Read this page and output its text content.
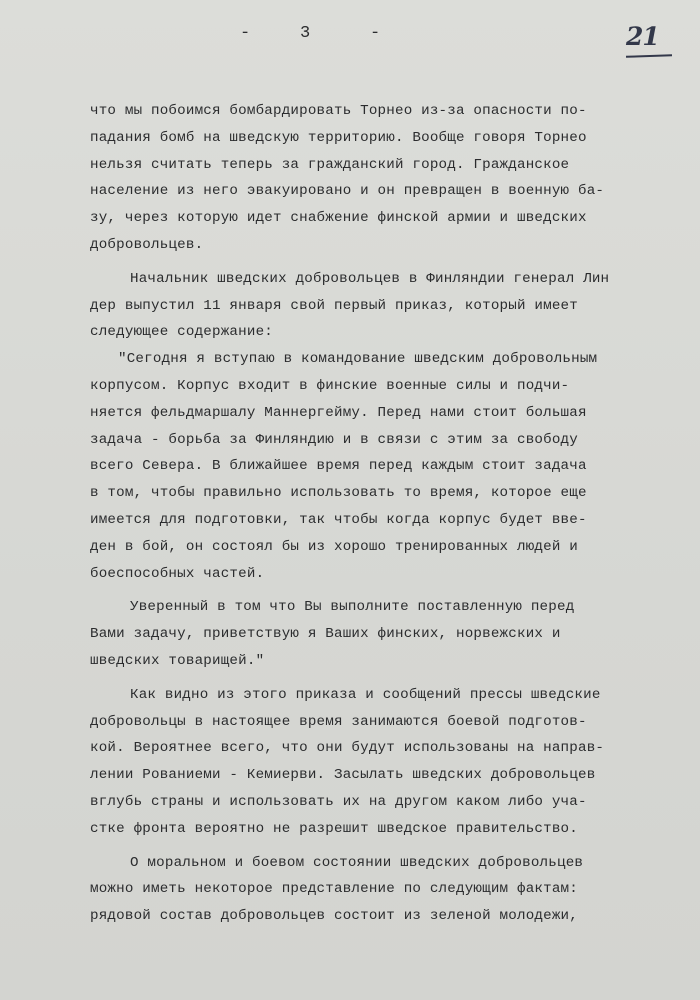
-	3	-	21
что мы побоимся бомбардировать Торнео из-за опасности по-
падания бомб на шведскую территорию. Вообще говоря Торнео
нельзя считать теперь за гражданский город. Гражданское
население из него эвакуировано и он превращен в военную ба-
зу, через которую идет снабжение финской армии и шведских
добровольцев.
Начальник шведских добровольцев в Финляндии генерал Лин
дер выпустил 11 января свой первый приказ, который имеет
следующее содержание:
"Сегодня я вступаю в командование шведским добровольным
корпусом. Корпус входит в финские военные силы и подчи-
няется фельдмаршалу Маннергейму. Перед нами стоит большая
задача - борьба за Финляндию и в связи с этим за свободу
всего Севера. В ближайшее время перед каждым стоит задача
в том, чтобы правильно использовать то время, которое еще
имеется для подготовки, так чтобы когда корпус будет вве-
ден в бой, он состоял бы из хорошо тренированных людей и
боеспособных частей.
Уверенный в том что Вы выполните поставленную перед
Вами задачу, приветствую я Ваших финских, норвежских и
шведских товарищей."
Как видно из этого приказа и сообщений прессы шведские
добровольцы в настоящее время занимаются боевой подготов-
кой. Вероятнее всего, что они будут использованы на направ-
лении Рованиеми - Кемиерви. Засылать шведских добровольцев
вглубь страны и использовать их на другом каком либо уча-
стке фронта вероятно не разрешит шведское правительство.
О моральном и боевом состоянии шведских добровольцев
можно иметь некоторое представление по следующим фактам:
рядовой состав добровольцев состоит из зеленой молодежи,
